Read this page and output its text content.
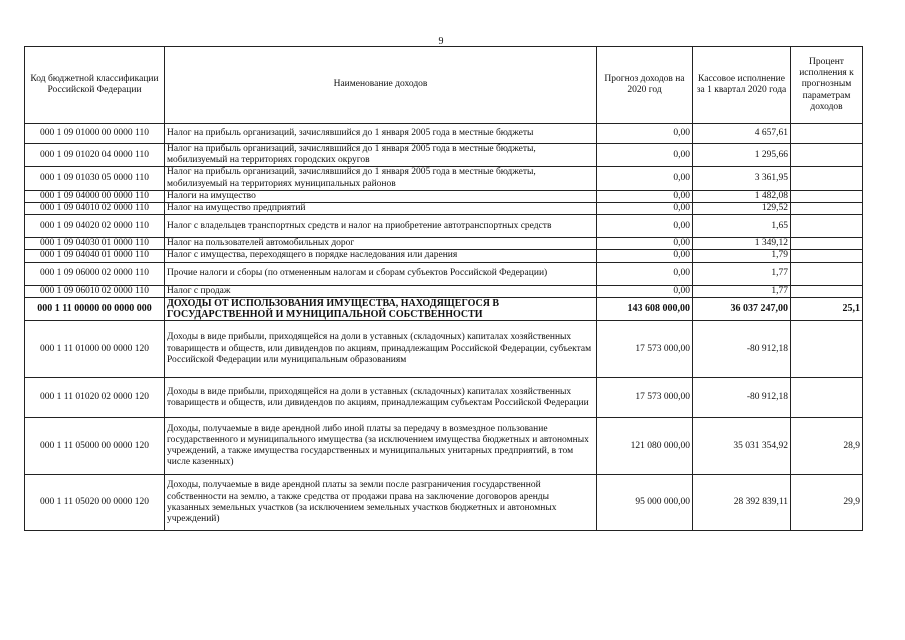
9
Код бюджетной классификации Российской Федерации	Наименование доходов	Прогноз доходов на 2020 год	Кассовое исполнение за 1 квартал 2020 года	Процент исполнения к прогнозным параметрам доходов
000 1 09 01000 00 0000 110	Налог на прибыль организаций, зачислявшийся до 1 января 2005 года в местные бюджеты	0,00	4 657,61	
000 1 09 01020 04 0000 110	Налог на прибыль организаций, зачислявшийся до 1 января 2005 года в местные бюджеты, мобилизуемый на территориях городских округов	0,00	1 295,66	
000 1 09 01030 05 0000 110	Налог на прибыль организаций, зачислявшийся до 1 января 2005 года в местные бюджеты, мобилизуемый на территориях муниципальных районов	0,00	3 361,95	
000 1 09 04000 00 0000 110	Налоги на имущество	0,00	1 482,08	
000 1 09 04010 02 0000 110	Налог на имущество предприятий	0,00	129,52	
000 1 09 04020 02 0000 110	Налог с владельцев транспортных средств и налог на приобретение автотранспортных средств	0,00	1,65	
000 1 09 04030 01 0000 110	Налог на пользователей автомобильных дорог	0,00	1 349,12	
000 1 09 04040 01 0000 110	Налог с имущества, переходящего в порядке наследования или дарения	0,00	1,79	
000 1 09 06000 02 0000 110	Прочие налоги и сборы (по отмененным налогам и сборам субъектов Российской Федерации)	0,00	1,77	
000 1 09 06010 02 0000 110	Налог с продаж	0,00	1,77	
000 1 11 00000 00 0000 000	ДОХОДЫ ОТ ИСПОЛЬЗОВАНИЯ ИМУЩЕСТВА, НАХОДЯЩЕГОСЯ В ГОСУДАРСТВЕННОЙ И МУНИЦИПАЛЬНОЙ СОБСТВЕННОСТИ	143 608 000,00	36 037 247,00	25,1
000 1 11 01000 00 0000 120	Доходы в виде прибыли, приходящейся на доли в уставных (складочных) капиталах хозяйственных товариществ и обществ, или дивидендов по акциям, принадлежащим Российской Федерации, субъектам Российской Федерации или муниципальным образованиям	17 573 000,00	-80 912,18	
000 1 11 01020 02 0000 120	Доходы в виде прибыли, приходящейся на доли в уставных (складочных) капиталах хозяйственных товариществ и обществ, или дивидендов по акциям, принадлежащим субъектам Российской Федерации	17 573 000,00	-80 912,18	
000 1 11 05000 00 0000 120	Доходы, получаемые в виде арендной либо иной платы за передачу в возмездное пользование государственного и муниципального имущества (за исключением имущества бюджетных и автономных учреждений, а также имущества государственных и муниципальных унитарных предприятий, в том числе казенных)	121 080 000,00	35 031 354,92	28,9
000 1 11 05020 00 0000 120	Доходы, получаемые в виде арендной платы за земли после разграничения государственной собственности на землю, а также средства от продажи права на заключение договоров аренды указанных земельных участков (за исключением земельных участков бюджетных и автономных учреждений)	95 000 000,00	28 392 839,11	29,9
